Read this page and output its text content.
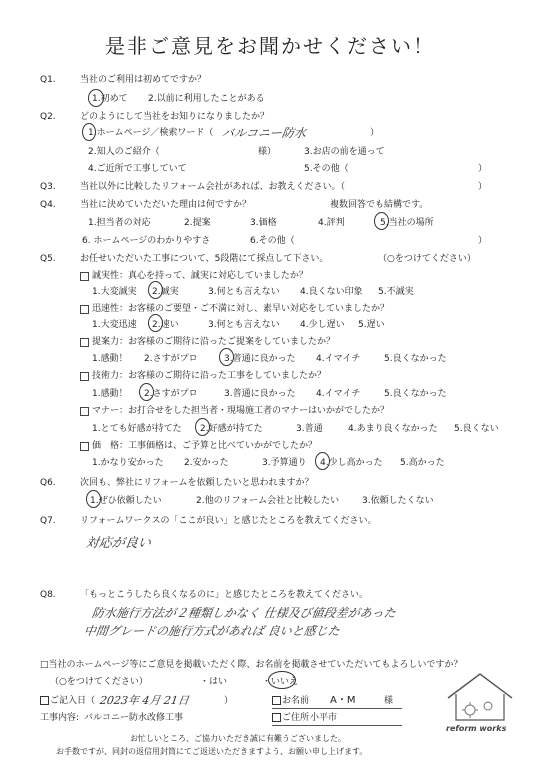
是非ご意見をお聞かせください！
Q1.	当社のご利用は初めてですか？
1.初めて 2.以前に利用したことがある
Q2.	どのようにして当社をお知りになりましたか？
1.ホームページ／検索ワード（ バルコニー防水	）
2.知人のご紹介（	様）	3.お店の前を通って
4.ご近所で工事していて	5.その他（	）
Q3.	当社以外に比較したリフォーム会社があれば、お教えください。（	）
Q4.	当社に決めていただいた理由は何ですか？	複数回答でも結構です。
1.担当者の対応	2.提案	3.価格	4.評判	5.当社の場所
6. ホームページのわかりやすさ	6.その他（	）
Q5.	お任せいただいた工事について、5段階にて採点して下さい。	（○をつけてください）
誠実性：真心を持って、誠実に対応していましたか？
1.大変誠実 2.誠実	3.何とも言えない 4.良くない印象 5.不誠実
迅速性：お客様のご要望・ご不満に対し、素早い対応をしていましたか？
1.大変迅速 2.速い	3.何とも言えない 4.少し遅い 5.遅い
提案力：お客様のご期待に沿ったご提案をしていましたか？
1.感動！ 2.さすがプロ	3.普通に良かった 4.イマイチ	5.良くなかった
技術力：お客様のご期待に沿った工事をしていましたか？
1.感動！ 2.さすがプロ	3.普通に良かった 4.イマイチ	5.良くなかった
マナー：お打合せをした担当者・現場施工者のマナーはいかがでしたか？
1.とても好感が持てた 2.好感が持てた	3.普通	4.あまり良くなかった 5.良くない
価　格：工事価格は、ご予算と比べていかがでしたか？
1.かなり安かった 2.安かった	3.予算通り 4.少し高かった 5.高かった
Q6.	次回も、弊社にリフォームを依頼したいと思われますか？
1.ぜひ依頼したい	2.他のリフォーム会社と比較したい	3.依頼したくない
Q7.	リフォームワークスの「ここが良い」と感じたところを教えてください。
対応が良い
Q8.	「もっとこうしたら良くなるのに」と感じたところを教えてください。
防水施行方法が２種類しかなく 仕様及び値段差があった
中間グレードの施行方式があれば 良いと感じた
□当社のホームページ等にご意見を掲載いただく際、お名前を掲載させていただいてもよろしいですか？
（○をつけてください）	・はい	・いいえ
ご記入日（ 2023年 4月 21日	）	お名前 A・M	様
工事内容: バルコニー防水改修工事	ご住所 小平市
お忙しいところ、ご協力いただき誠に有難うございました。
お手数ですが、同封の返信用封筒にてご返送いただきますよう、お願い申し上げます。
reform works
